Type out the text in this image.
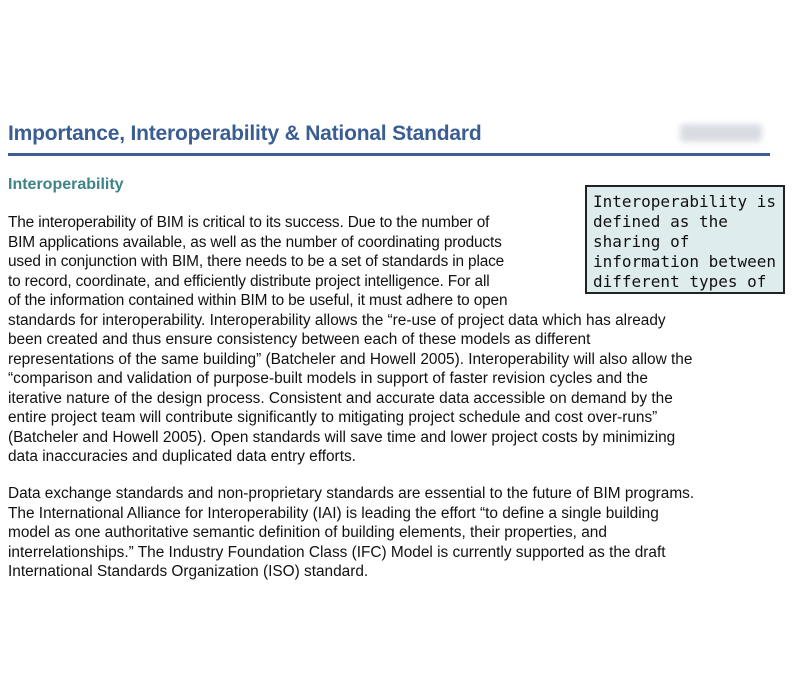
Importance, Interoperability & National Standard
Interoperability
The interoperability of BIM is critical to its success. Due to the number of
BIM applications available, as well as the number of coordinating products
used in conjunction with BIM, there needs to be a set of standards in place
to record, coordinate, and efficiently distribute project intelligence. For all
of the information contained within BIM to be useful, it must adhere to open
standards for interoperability. Interoperability allows the “re-use of project data which has already
been created and thus ensure consistency between each of these models as different
representations of the same building” (Batcheler and Howell 2005). Interoperability will also allow the
“comparison and validation of purpose-built models in support of faster revision cycles and the
iterative nature of the design process. Consistent and accurate data accessible on demand by the
entire project team will contribute significantly to mitigating project schedule and cost over-runs”
(Batcheler and Howell 2005). Open standards will save time and lower project costs by minimizing
data inaccuracies and duplicated data entry efforts.
Data exchange standards and non-proprietary standards are essential to the future of BIM programs.
The International Alliance for Interoperability (IAI) is leading the effort “to define a single building
model as one authoritative semantic definition of building elements, their properties, and
interrelationships.” The Industry Foundation Class (IFC) Model is currently supported as the draft
International Standards Organization (ISO) standard.
Interoperability is
defined as the
sharing of
information between
different types of
